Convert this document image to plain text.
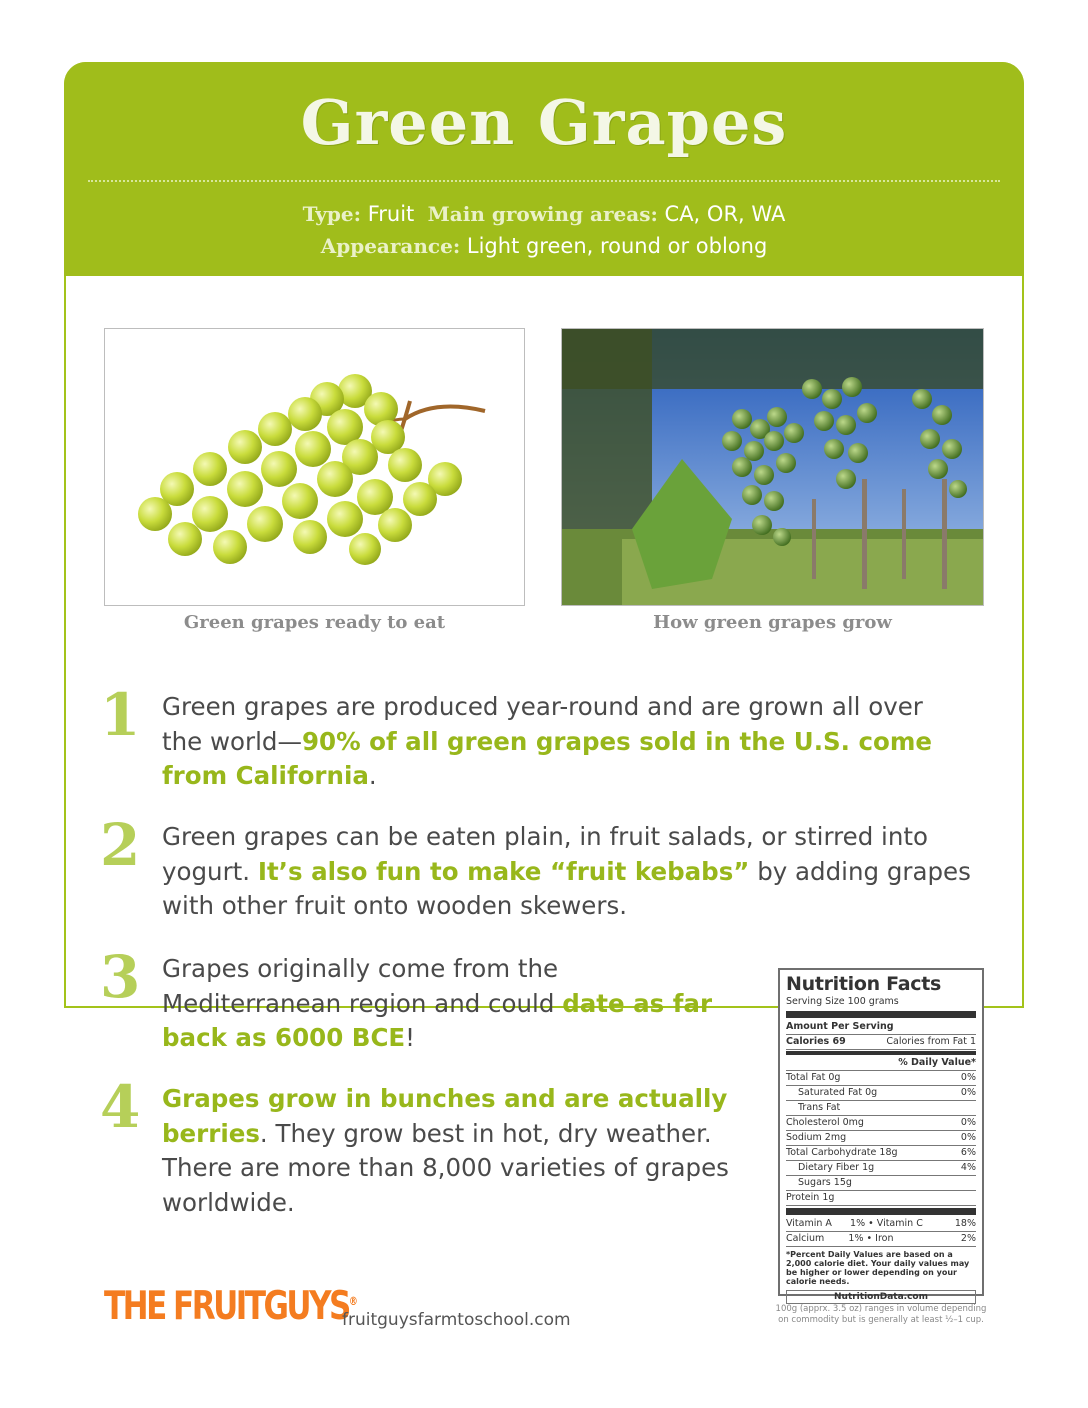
Green Grapes
Type: Fruit Main growing areas: CA, OR, WA
Appearance: Light green, round or oblong
Green grapes ready to eat	How green grapes grow
1 Green grapes are produced year-round and are grown all over the world—90% of all green grapes sold in the U.S. come from California.
2 Green grapes can be eaten plain, in fruit salads, or stirred into yogurt. It’s also fun to make “fruit kebabs” by adding grapes with other fruit onto wooden skewers.
3 Grapes originally come from the Mediterranean region and could date as far back as 6000 BCE!
4 Grapes grow in bunches and are actually berries. They grow best in hot, dry weather. There are more than 8,000 varieties of grapes worldwide.
Nutrition Facts
Serving Size 100 grams
Amount Per Serving
Calories 69	Calories from Fat 1
% Daily Value*
Total Fat 0g	0%
Saturated Fat 0g	0%
Trans Fat
Cholesterol 0mg	0%
Sodium 2mg	0%
Total Carbohydrate 18g	6%
Dietary Fiber 1g	4%
Sugars 15g
Protein 1g
Vitamin A 1% • Vitamin C	18%
Calcium	1% • Iron	2%
*Percent Daily Values are based on a 2,000 calorie diet. Your daily values may be higher or lower depending on your calorie needs.
NutritionData.com
100g (apprx. 3.5 oz) ranges in volume depending on commodity but is generally at least ½–1 cup.
THE FRUITGUYS®
fruitguysfarmtoschool.com
